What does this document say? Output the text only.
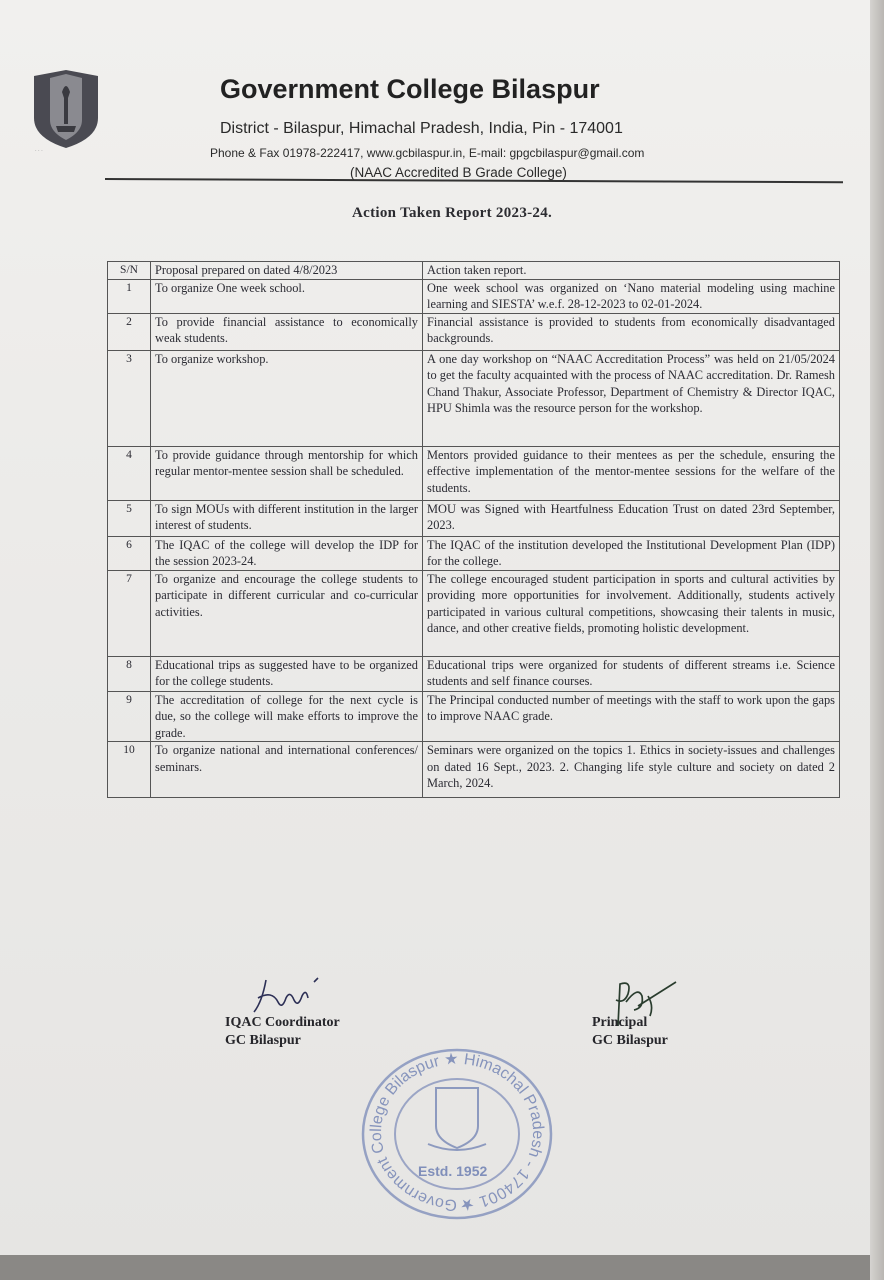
· · ·
Government College Bilaspur
District - Bilaspur, Himachal Pradesh, India, Pin - 174001
Phone & Fax 01978-222417, www.gcbilaspur.in, E-mail: gpgcbilaspur@gmail.com
(NAAC Accredited B Grade College)
Action Taken Report 2023-24.
S/N	Proposal prepared on dated 4/8/2023	Action taken report.
1	To organize One week school.	One week school was organized on ‘Nano material modeling using machine learning and SIESTA’ w.e.f. 28-12-2023 to 02-01-2024.
2	To provide financial assistance to economically weak students.	Financial assistance is provided to students from economically disadvantaged backgrounds.
3	To organize workshop.	A one day workshop on “NAAC Accreditation Process” was held on 21/05/2024 to get the faculty acquainted with the process of NAAC accreditation. Dr. Ramesh Chand Thakur, Associate Professor, Department of Chemistry & Director IQAC, HPU Shimla was the resource person for the workshop.
4	To provide guidance through mentorship for which regular mentor-mentee session shall be scheduled.	Mentors provided guidance to their mentees as per the schedule, ensuring the effective implementation of the mentor-mentee sessions for the welfare of the students.
5	To sign MOUs with different institution in the larger interest of students.	MOU was Signed with Heartfulness Education Trust on dated 23rd September, 2023.
6	The IQAC of the college will develop the IDP for the session 2023-24.	The IQAC of the institution developed the Institutional Development Plan (IDP) for the college.
7	To organize and encourage the college students to participate in different curricular and co-curricular activities.	The college encouraged student participation in sports and cultural activities by providing more opportunities for involvement. Additionally, students actively participated in various cultural competitions, showcasing their talents in music, dance, and other creative fields, promoting holistic development.
8	Educational trips as suggested have to be organized for the college students.	Educational trips were organized for students of different streams i.e. Science students and self finance courses.
9	The accreditation of college for the next cycle is due, so the college will make efforts to improve the grade.	The Principal conducted number of meetings with the staff to work upon the gaps to improve NAAC grade.
10	To organize national and international conferences/ seminars.	Seminars were organized on the topics 1. Ethics in society-issues and challenges on dated 16 Sept., 2023. 2. Changing life style culture and society on dated 2 March, 2024.
IQAC Coordinator
GC Bilaspur
Principal
GC Bilaspur
Government College Bilaspur ★ Himachal Pradesh - 174001 ★
Estd. 1952
